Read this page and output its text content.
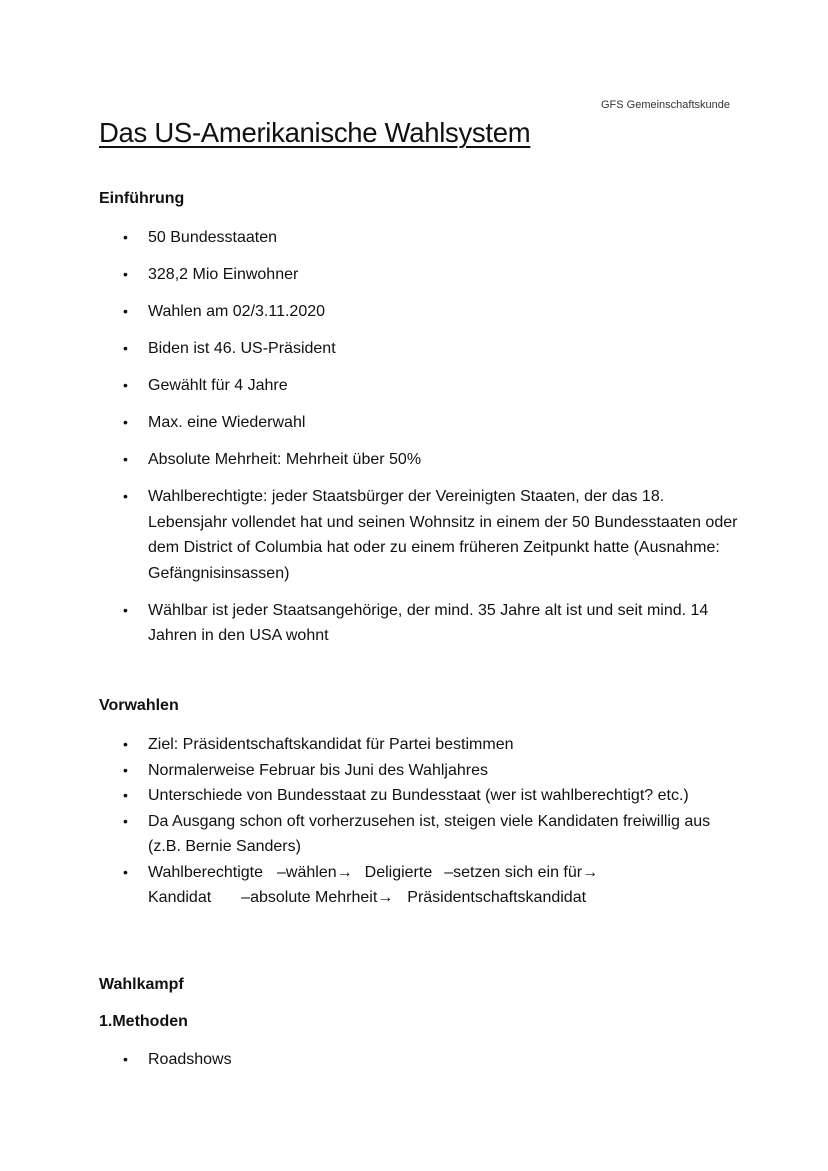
GFS Gemeinschaftskunde
Das US-Amerikanische Wahlsystem
Einführung
• 50 Bundesstaaten
• 328,2 Mio Einwohner
• Wahlen am 02/3.11.2020
• Biden ist 46. US-Präsident
• Gewählt für 4 Jahre
• Max. eine Wiederwahl
• Absolute Mehrheit: Mehrheit über 50%
• Wahlberechtigte: jeder Staatsbürger der Vereinigten Staaten, der das 18. Lebensjahr vollendet hat und seinen Wohnsitz in einem der 50 Bundesstaaten oder dem District of Columbia hat oder zu einem früheren Zeitpunkt hatte (Ausnahme: Gefängnisinsassen)
• Wählbar ist jeder Staatsangehörige, der mind. 35 Jahre alt ist und seit mind. 14 Jahren in den USA wohnt
Vorwahlen
• Ziel: Präsidentschaftskandidat für Partei bestimmen
• Normalerweise Februar bis Juni des Wahljahres
• Unterschiede von Bundesstaat zu Bundesstaat (wer ist wahlberechtigt? etc.)
• Da Ausgang schon oft vorherzusehen ist, steigen viele Kandidaten freiwillig aus (z.B. Bernie Sanders)
• Wahlberechtigte –wählen→ Deligierte –setzen sich ein für→
Kandidat –absolute Mehrheit→ Präsidentschaftskandidat
Wahlkampf
1.Methoden
• Roadshows
